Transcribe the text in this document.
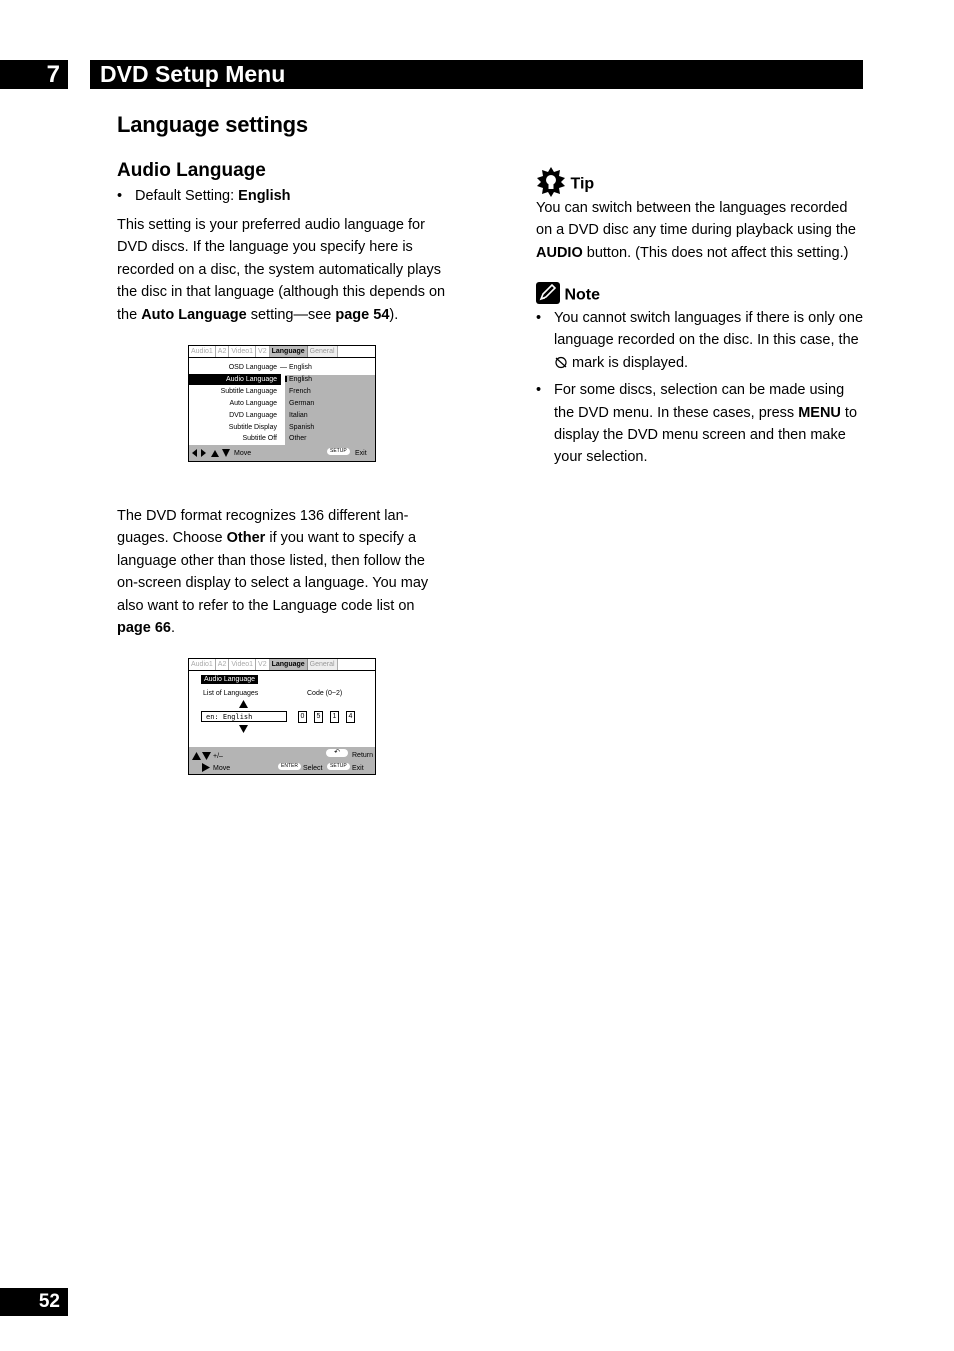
7	DVD Setup Menu
Language settings
Audio Language
• Default Setting: English
This setting is your preferred audio language for DVD discs. If the language you specify here is recorded on a disc, the system automatically plays the disc in that language (although this depends on the Auto Language setting—see page 54).
Audio1 A2 Video1 V2 Language General
OSD Language
Audio Language
Subtitle Language
Auto Language
DVD Language
Subtitle Display
Subtitle Off
— English
English
French
German
Italian
Spanish
Other
Move	SETUP	Exit
The DVD format recognizes 136 different lan-guages. Choose Other if you want to specify a language other than those listed, then follow the on-screen display to select a language. You may also want to refer to the Language code list on page 66.
Audio1 A2 Video1 V2 Language General
Audio Language
List of Languages	Code (0~2)
en: English	0	5	1	4
+/–
Move
↶	Return
ENTER Select	SETUP Exit
Tip
You can switch between the languages recorded on a DVD disc any time during playback using the AUDIO button. (This does not affect this setting.)
Note
• You cannot switch languages if there is only one language recorded on the disc. In this case, the  mark is displayed.
• For some discs, selection can be made using the DVD menu. In these cases, press MENU to display the DVD menu screen and then make your selection.
52
